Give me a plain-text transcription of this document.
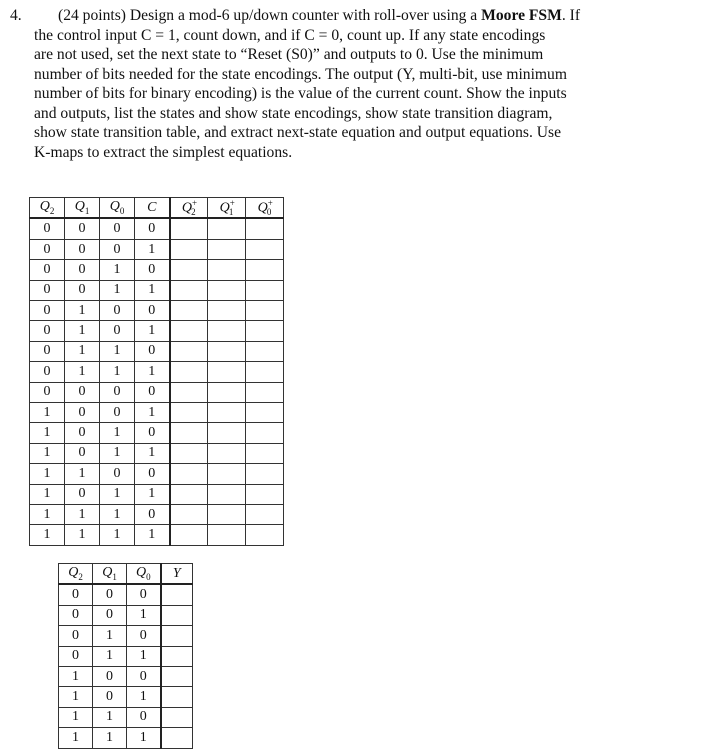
4. (24 points) Design a mod-6 up/down counter with roll-over using a Moore FSM. If
the control input C = 1, count down, and if C = 0, count up. If any state encodings
are not used, set the next state to “Reset (S0)” and outputs to 0. Use the minimum
number of bits needed for the state encodings. The output (Y, multi-bit, use minimum
number of bits for binary encoding) is the value of the current count. Show the inputs
and outputs, list the states and show state encodings, show state transition diagram,
show state transition table, and extract next-state equation and output equations. Use
K-maps to extract the simplest equations.
$Q_2$	$Q_1$	$Q_0$	C	$Q^+_2$	$Q^+_1$	$Q^+_0$
0	0	0	0			
0	0	0	1			
0	0	1	0			
0	0	1	1			
0	1	0	0			
0	1	0	1			
0	1	1	0			
0	1	1	1			
0	0	0	0			
1	0	0	1			
1	0	1	0			
1	0	1	1			
1	1	0	0			
1	0	1	1			
1	1	1	0			
1	1	1	1			
$Q_2$	$Q_1$	$Q_0$	Y
0	0	0	
0	0	1	
0	1	0	
0	1	1	
1	0	0	
1	0	1	
1	1	0	
1	1	1	
